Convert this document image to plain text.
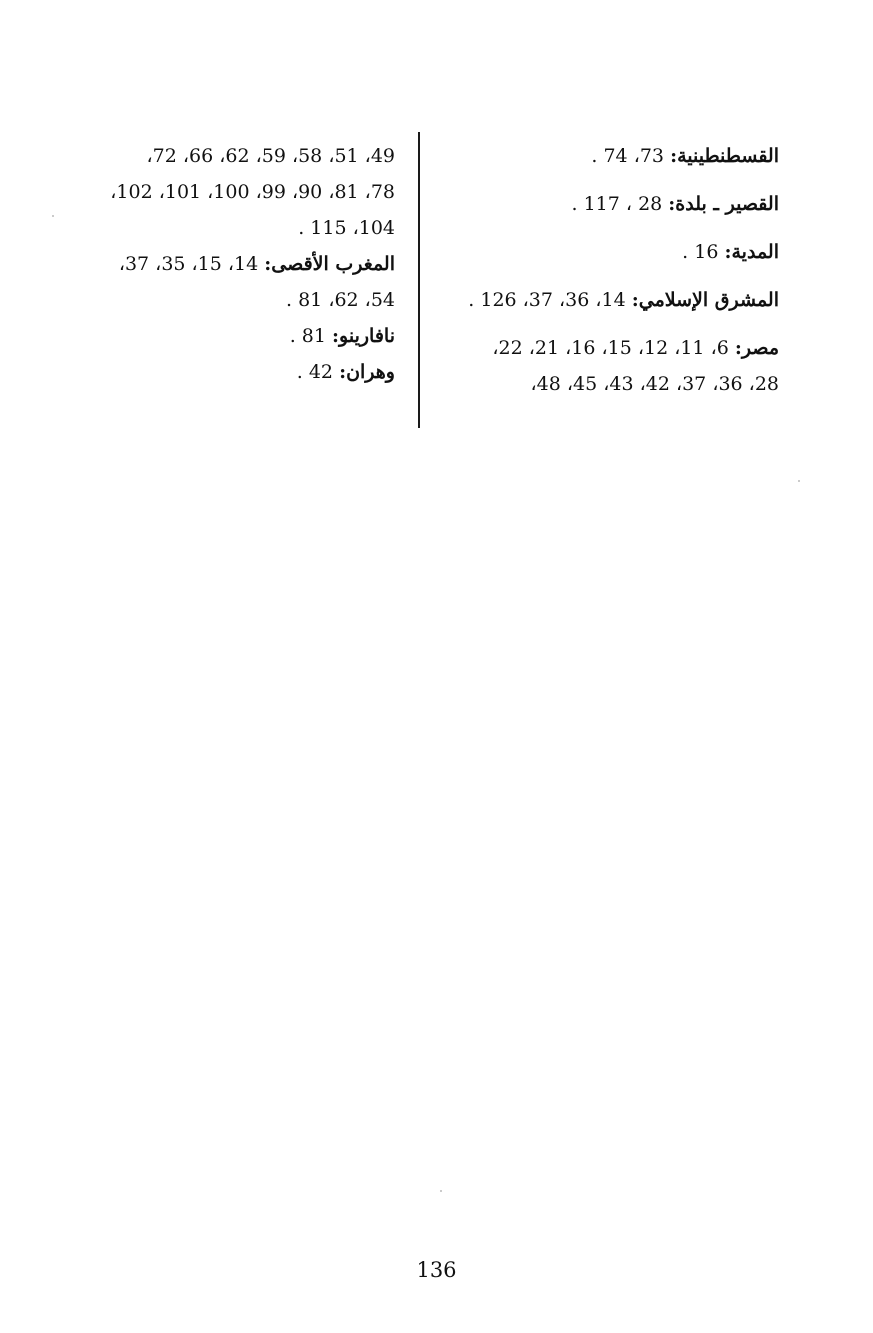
القسطنطينية: 73، 74 .
القصير ـ بلدة: 28 ، 117 .
المدية: 16 .
المشرق الإسلامي: 14، 36، 37، 126 .
مصر: 6، 11، 12، 15، 16، 21، 22،
28، 36، 37، 42، 43، 45، 48،
49، 51، 58، 59، 62، 66، 72،
78، 81، 90، 99، 100، 101، 102،
104، 115 .
المغرب الأقصى: 14، 15، 35، 37،
54، 62، 81 .
نافارينو: 81 .
وهران: 42 .
136
